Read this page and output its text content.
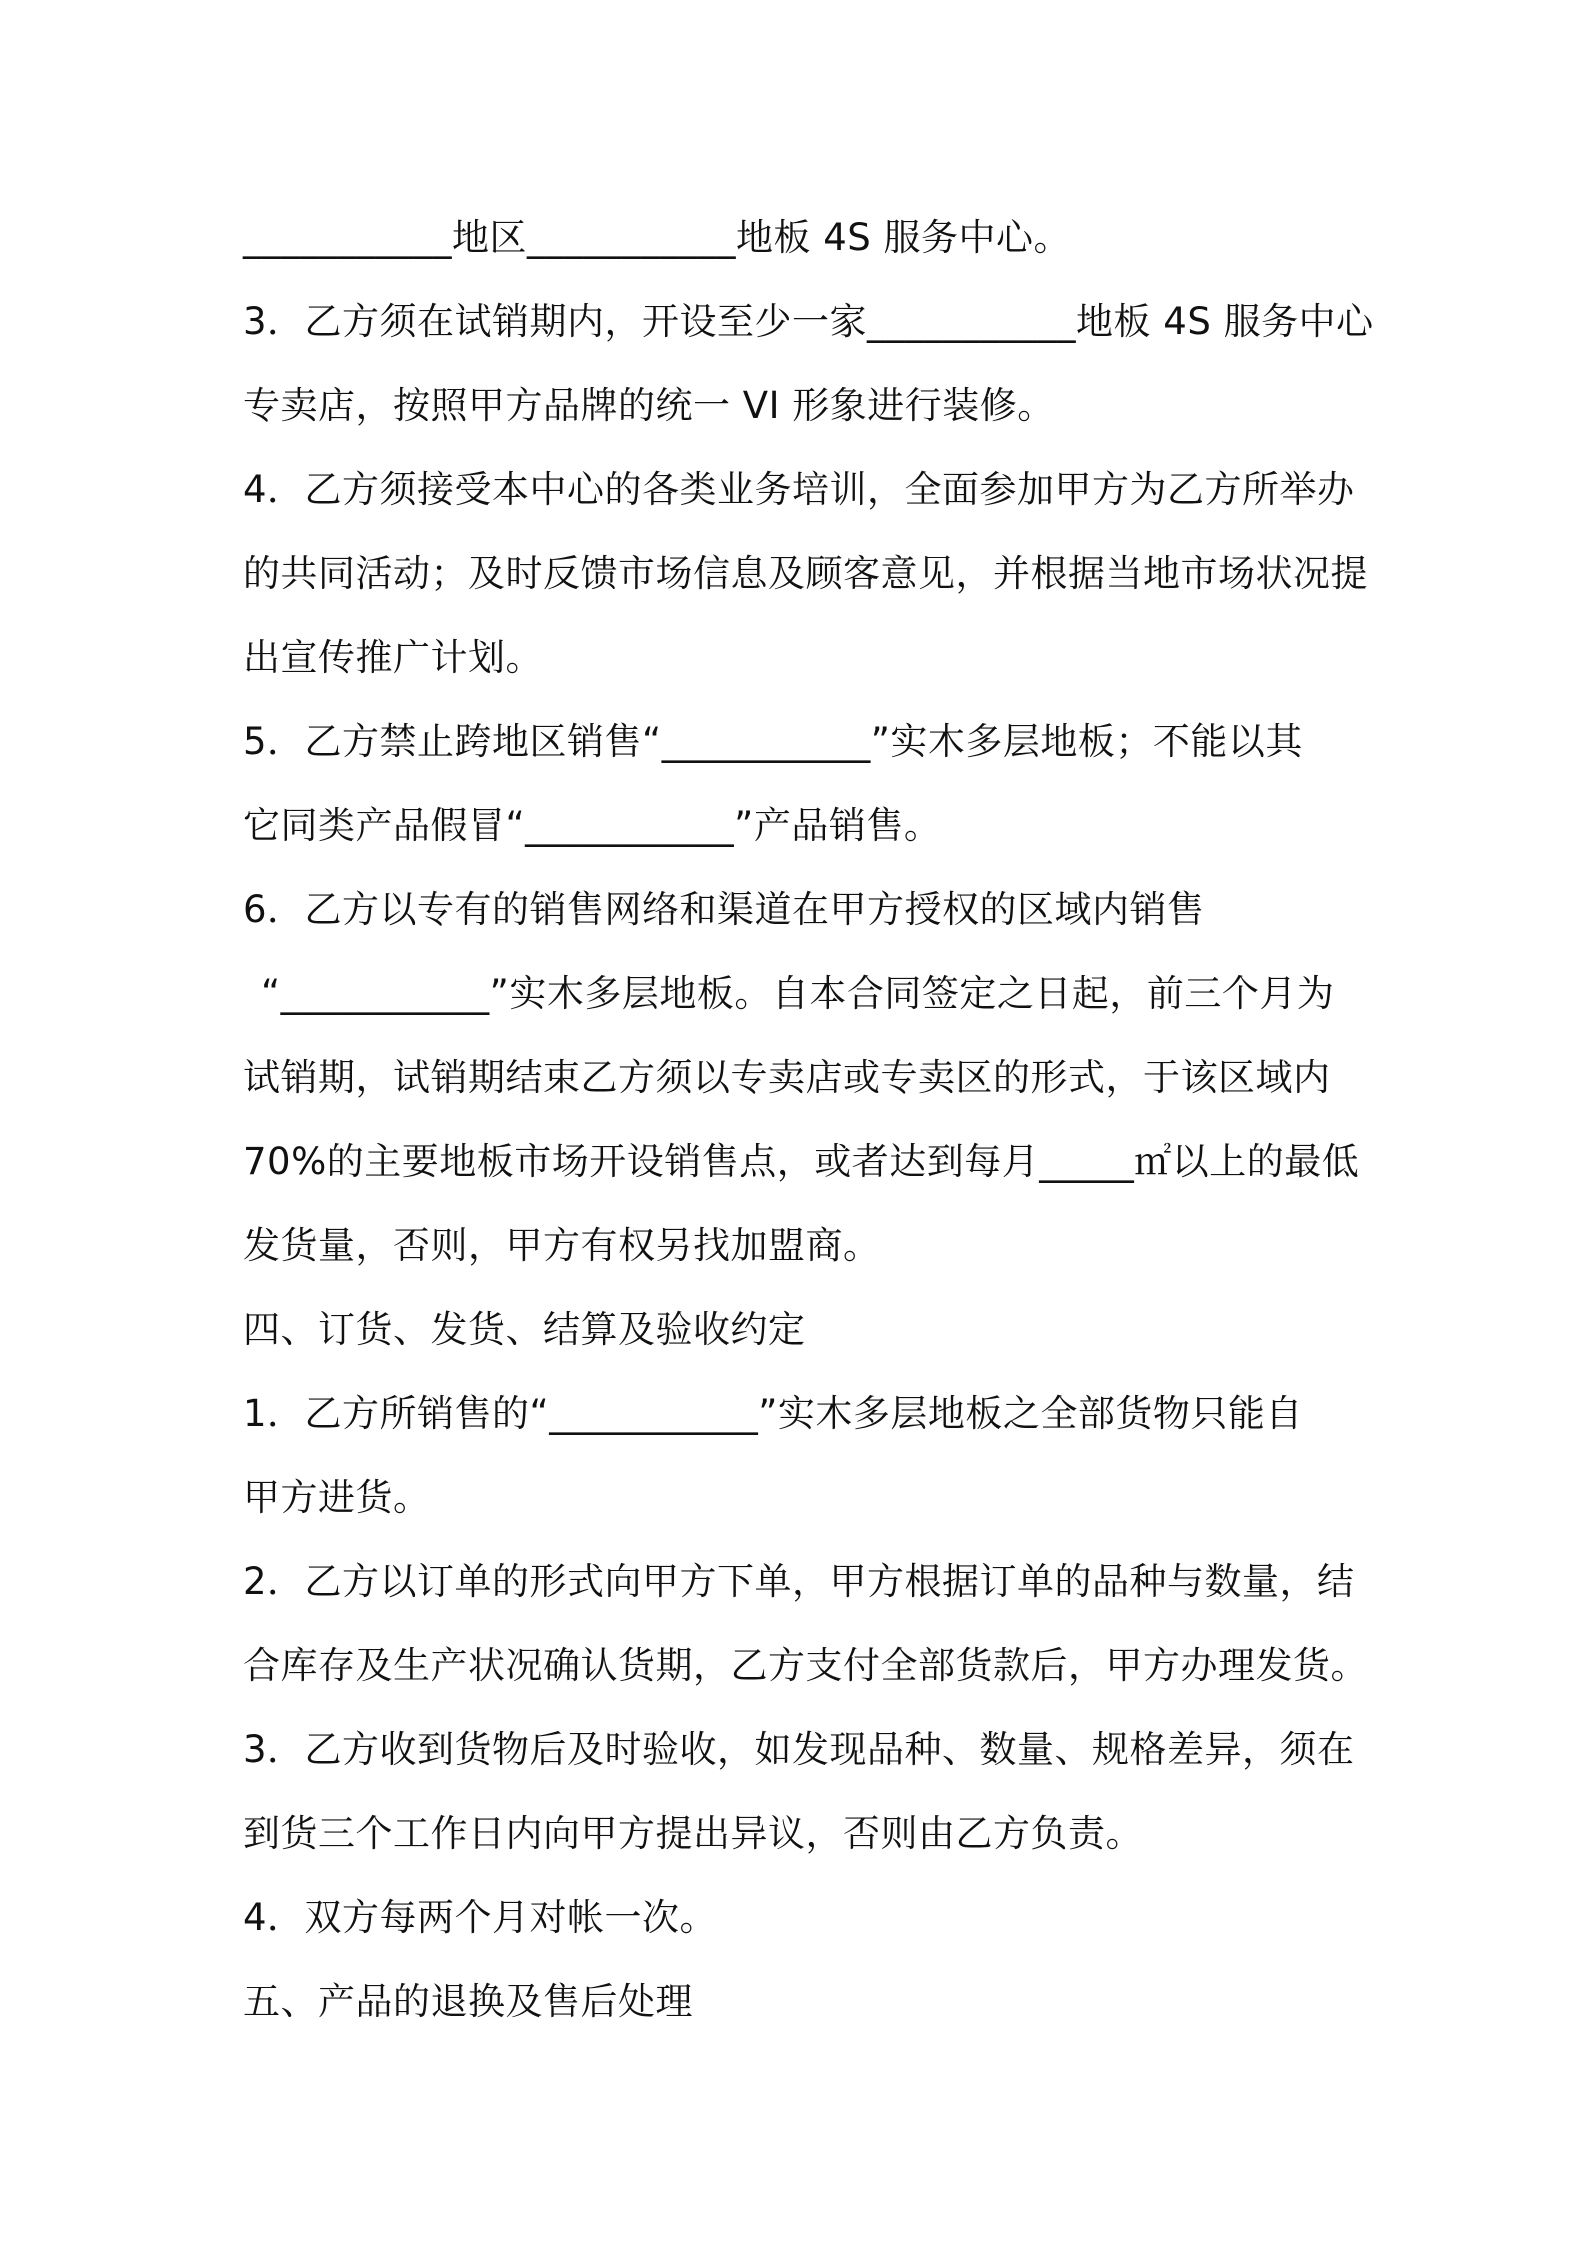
___________地区___________地板 4S 服务中心。
3．乙方须在试销期内，开设至少一家___________地板 4S 服务中心
专卖店，按照甲方品牌的统一 VI 形象进行装修。
4．乙方须接受本中心的各类业务培训，全面参加甲方为乙方所举办
的共同活动；及时反馈市场信息及顾客意见，并根据当地市场状况提
出宣传推广计划。
5．乙方禁止跨地区销售“___________”实木多层地板；不能以其
它同类产品假冒“___________”产品销售。
6．乙方以专有的销售网络和渠道在甲方授权的区域内销售
“___________”实木多层地板。自本合同签定之日起，前三个月为
试销期，试销期结束乙方须以专卖店或专卖区的形式，于该区域内
70%的主要地板市场开设销售点，或者达到每月_____㎡以上的最低
发货量，否则，甲方有权另找加盟商。
四、订货、发货、结算及验收约定
1．乙方所销售的“___________”实木多层地板之全部货物只能自
甲方进货。
2．乙方以订单的形式向甲方下单，甲方根据订单的品种与数量，结
合库存及生产状况确认货期，乙方支付全部货款后，甲方办理发货。
3．乙方收到货物后及时验收，如发现品种、数量、规格差异，须在
到货三个工作日内向甲方提出异议，否则由乙方负责。
4．双方每两个月对帐一次。
五、产品的退换及售后处理
